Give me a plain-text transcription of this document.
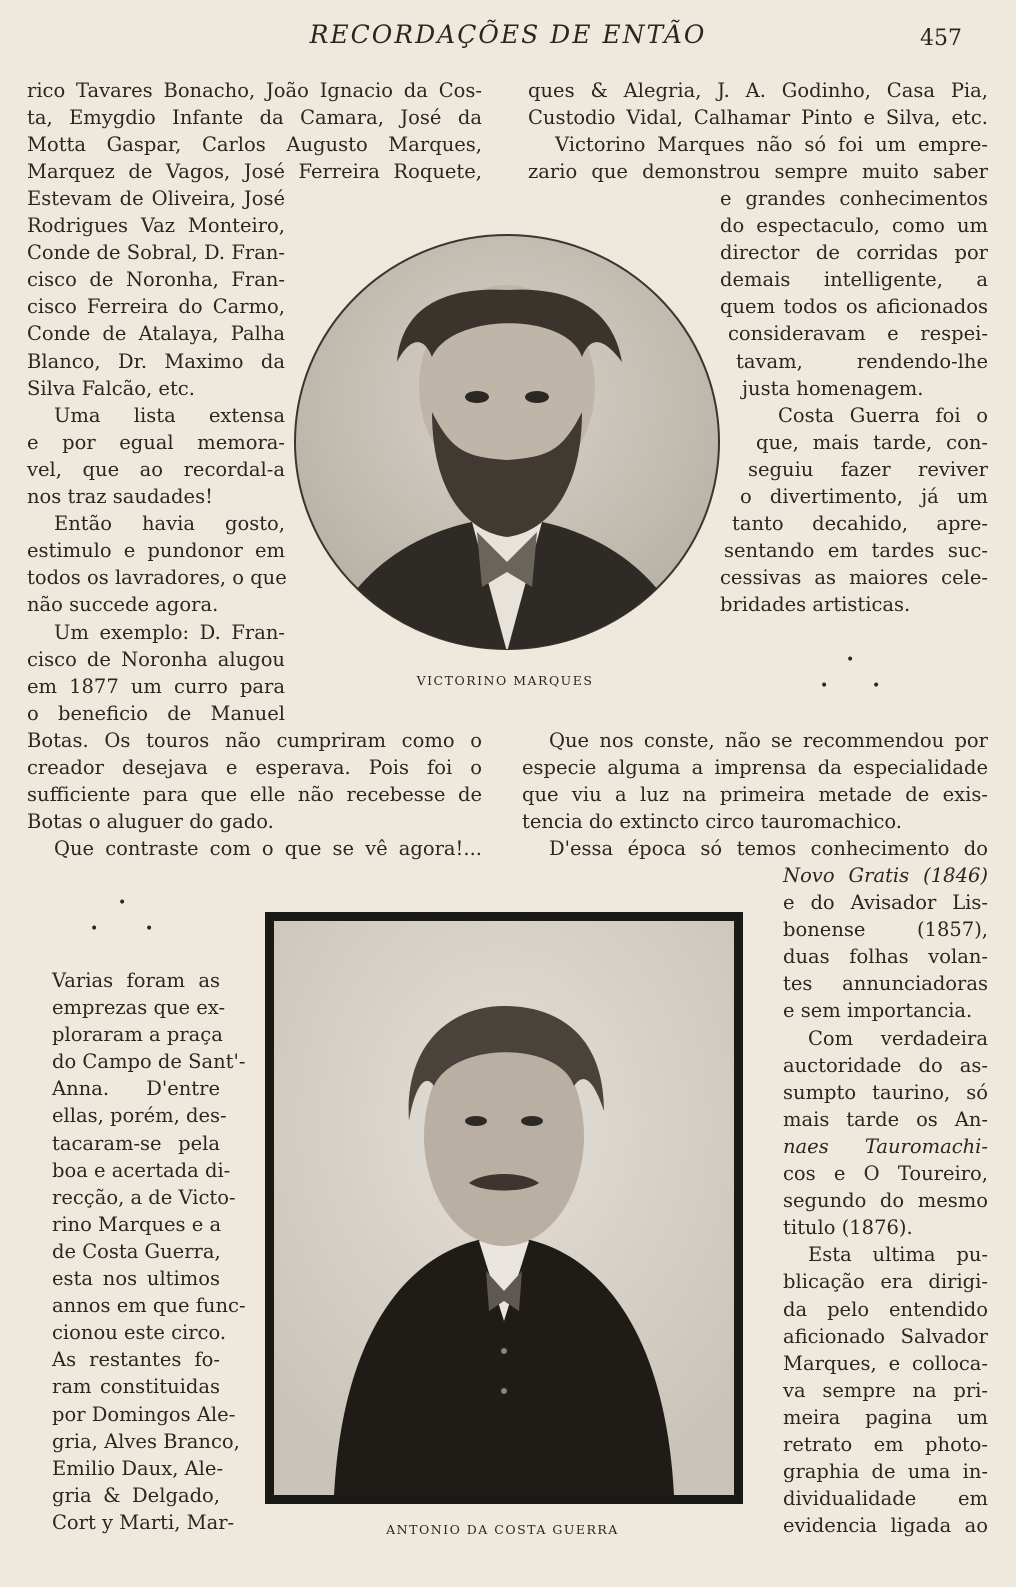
RECORDAÇÕES DE ENTÃO	457
rico Tavares Bonacho, João Ignacio da Cos-
ta, Emygdio Infante da Camara, José da
Motta Gaspar, Carlos Augusto Marques,
Marquez de Vagos, José Ferreira Roquete,
Estevam de Oliveira, José
Rodrigues Vaz Monteiro,
Conde de Sobral, D. Fran-
cisco de Noronha, Fran-
cisco Ferreira do Carmo,
Conde de Atalaya, Palha
Blanco, Dr. Maximo da
Silva Falcão, etc.
Uma lista extensa
e por egual memora-
vel, que ao recordal-a
nos traz saudades!
Então havia gosto,
estimulo e pundonor em
todos os lavradores, o que
não succede agora.
Um exemplo: D. Fran-
cisco de Noronha alugou
em 1877 um curro para
o beneficio de Manuel
Botas. Os touros não cumpriram como o
creador desejava e esperava. Pois foi o
sufficiente para que elle não recebesse de
Botas o aluguer do gado.
Que contraste com o que se vê agora!...
•
•	•
Varias foram as
emprezas que ex-
ploraram a praça
do Campo de Sant'-
Anna. D'entre
ellas, porém, des-
tacaram-se pela
boa e acertada di-
recção, a de Victo-
rino Marques e a
de Costa Guerra,
esta nos ultimos
annos em que func-
cionou este circo.
As restantes fo-
ram constituidas
por Domingos Ale-
gria, Alves Branco,
Emilio Daux, Ale-
gria & Delgado,
Cort y Marti, Mar-
ques & Alegria, J. A. Godinho, Casa Pia,
Custodio Vidal, Calhamar Pinto e Silva, etc.
Victorino Marques não só foi um empre-
zario que demonstrou sempre muito saber
e grandes conhecimentos
do espectaculo, como um
director de corridas por
demais intelligente, a
quem todos os aficionados
consideravam e respei-
tavam, rendendo-lhe
justa homenagem.
Costa Guerra foi o
que, mais tarde, con-
seguiu fazer reviver
o divertimento, já um
tanto decahido, apre-
sentando em tardes suc-
cessivas as maiores cele-
bridades artisticas.
•
•	•
Que nos conste, não se recommendou por
especie alguma a imprensa da especialidade
que viu a luz na primeira metade de exis-
tencia do extincto circo tauromachico.
D'essa época só temos conhecimento do
Novo Gratis (1846)
e do Avisador Lis-
bonense (1857),
duas folhas volan-
tes annunciadoras
e sem importancia.
Com verdadeira
auctoridade do as-
sumpto taurino, só
mais tarde os An-
naes Tauromachi-
cos e O Toureiro,
segundo do mesmo
titulo (1876).
Esta ultima pu-
blicação era dirigi-
da pelo entendido
aficionado Salvador
Marques, e colloca-
va sempre na pri-
meira pagina um
retrato em photo-
graphia de uma in-
dividualidade em
evidencia ligada ao
VICTORINO MARQUES
ANTONIO DA COSTA GUERRA
